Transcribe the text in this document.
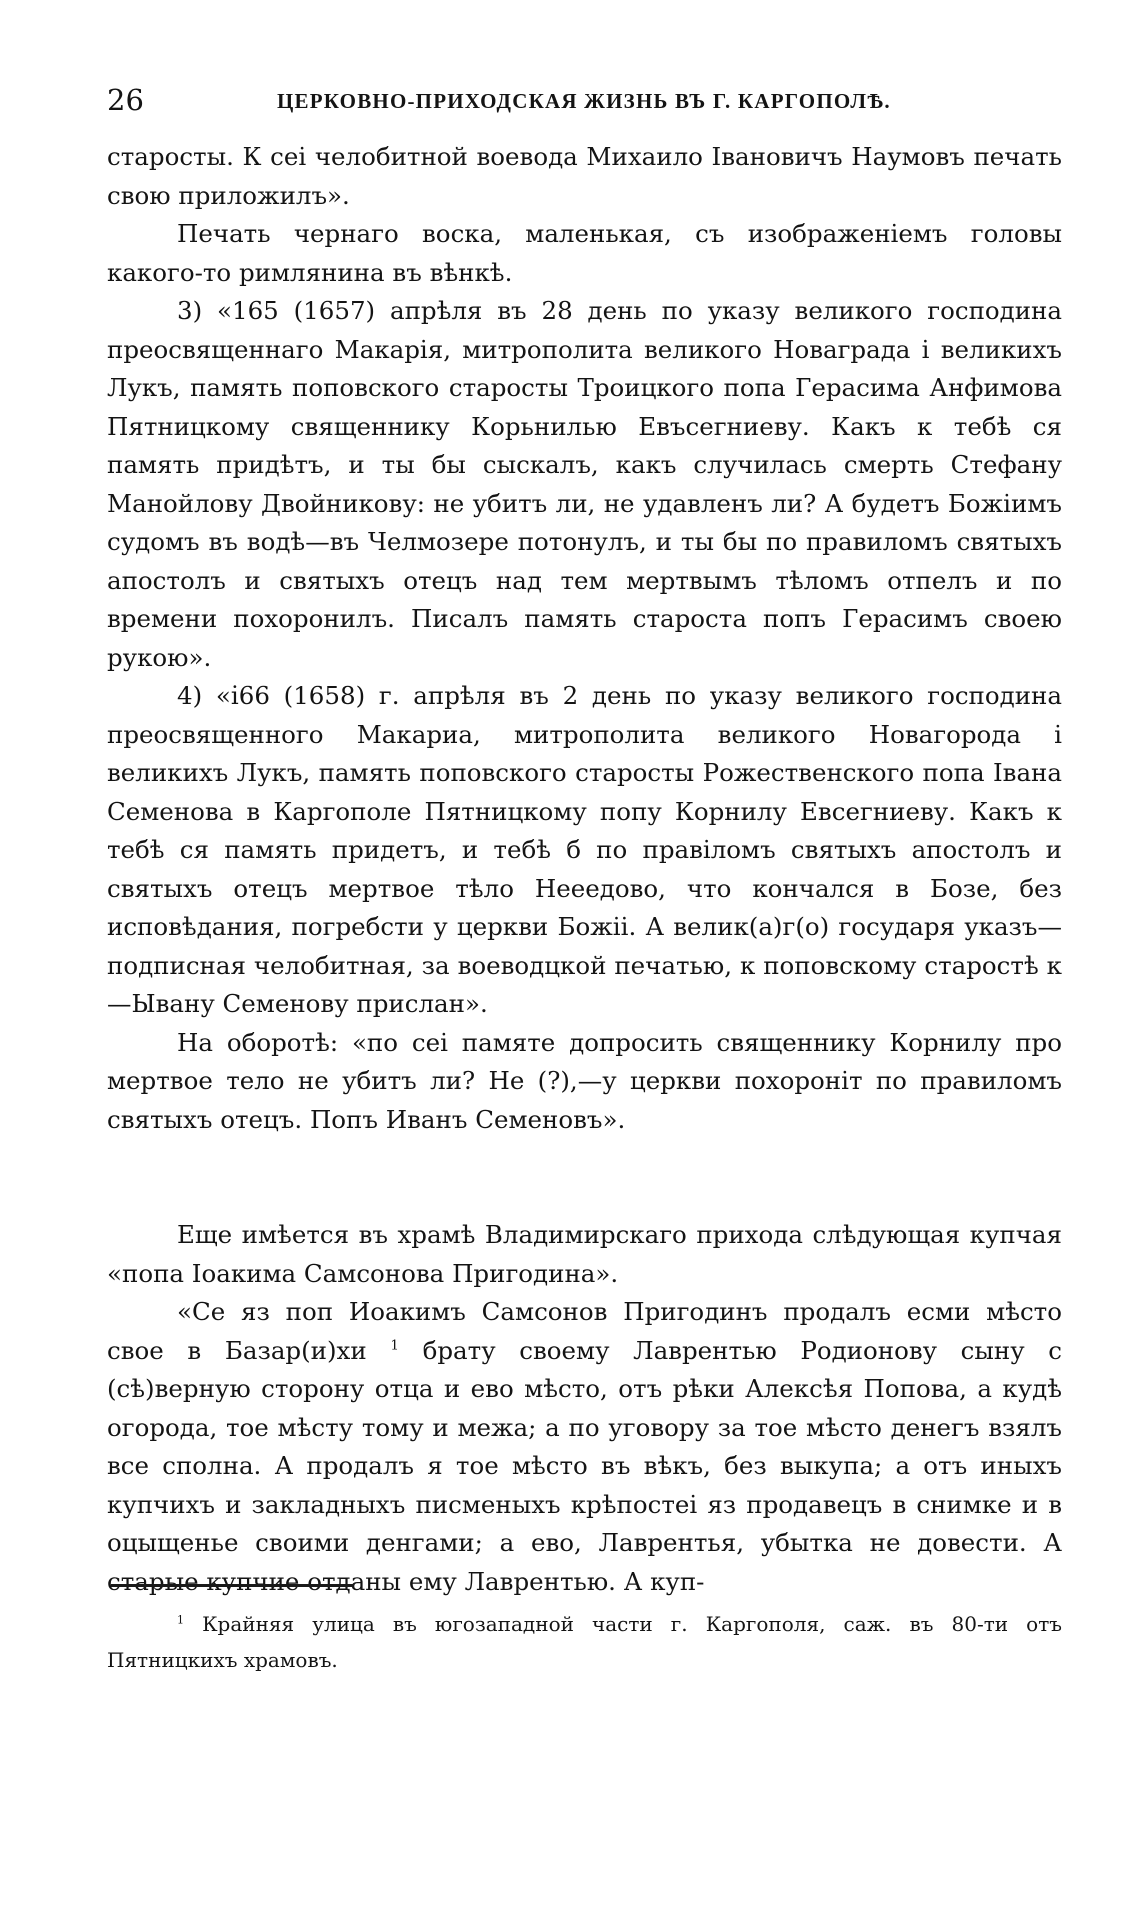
26	ЦЕРКОВНО-ПРИХОДСКАЯ ЖИЗНЬ ВЪ Г. КАРГОПОЛѢ.

старосты. К сеі челобитной воевода Михаило Івановичъ Наумовъ печать свою приложилъ».

Печать чернаго воска, маленькая, съ изображеніемъ головы какого-то римлянина въ вѣнкѣ.

3) «165 (1657) апрѣля въ 28 день по указу великого господина преосвященнаго Макарія, митрополита великого Новаграда і великихъ Лукъ, память поповского старосты Троицкого попа Герасима Анфимова Пятницкому священнику Корьнилью Евъсегниеву. Какъ к тебѣ ся память придѣтъ, и ты бы сыскалъ, какъ случилась смерть Стефану Манойлову Двойникову: не убитъ ли, не удавленъ ли? А будетъ Божіимъ судомъ въ водѣ—въ Челмозере потонулъ, и ты бы по правиломъ святыхъ апостолъ и святыхъ отецъ над тем мертвымъ тѣломъ отпелъ и по времени похоронилъ. Писалъ память староста попъ Герасимъ своею рукою».

4) «і̇66 (1658) г. апрѣля въ 2 день по указу великого господина преосвященного Макариа, митрополита великого Новагорода і великихъ Лукъ, память поповского старосты Рожественского попа Івана Семенова в Каргополе Пятницкому попу Корнилу Евсегниеву. Какъ к тебѣ ся память придетъ, и тебѣ б по правіломъ святыхъ апостолъ и святыхъ отецъ мертвое тѣло Нееедово, что кончался в Бозе, без исповѣдания, погребсти у церкви Божіі. А велик(а)г(о) государя указъ—подписная челобитная, за воеводцкой печатью, к поповскому старостѣ к—Ывану Семенову прислан».

На оборотѣ: «по сеі памяте допросить священнику Корнилу про мертвое тело не убитъ ли? Не (?),—у церкви похороніт по правиломъ святыхъ отецъ. Попъ Иванъ Семеновъ».

Еще имѣется въ храмѣ Владимирскаго прихода слѣдующая купчая «попа Іоакима Самсонова Пригодина».

«Се яз поп Иоакимъ Самсонов Пригодинъ продалъ есми мѣсто свое в Базар(и)хи $^1$ брату своему Лаврентью Родионову сыну с (сѣ)верную сторону отца и ево мѣсто, отъ рѣки Алексѣя Попова, а кудѣ огорода, тое мѣсту тому и межа; а по уговору за тое мѣсто денегъ взялъ все сполна. А продалъ я тое мѣсто въ вѣкъ, без выкупа; а отъ иныхъ купчихъ и закладныхъ писменыхъ крѣпостеі яз продавецъ в снимке и в оцыщенье своими денгами; а ево, Лаврентья, убытка не довести. А старые купчие отданы ему Лаврентью. А куп-

$^1$ Крайняя улица въ югозападной части г. Каргополя, саж. въ 80-ти отъ Пятницкихъ храмовъ.
